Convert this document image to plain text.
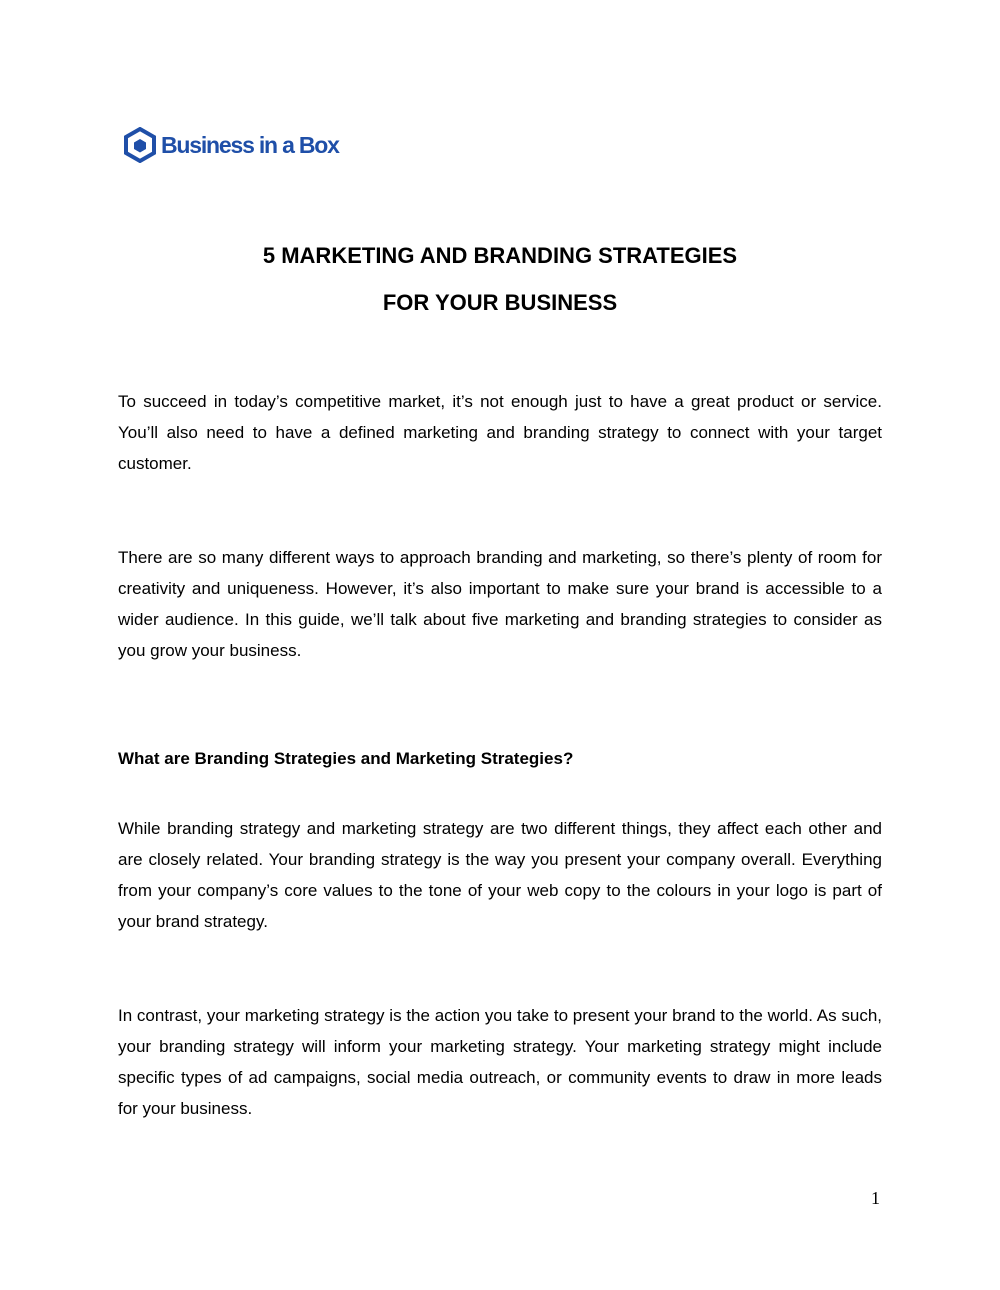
Business in a Box
5 MARKETING AND BRANDING STRATEGIES
FOR YOUR BUSINESS
To succeed in today’s competitive market, it’s not enough just to have a great product or service. You’ll also need to have a defined marketing and branding strategy to connect with your target customer.
There are so many different ways to approach branding and marketing, so there’s plenty of room for creativity and uniqueness. However, it’s also important to make sure your brand is accessible to a wider audience. In this guide, we’ll talk about five marketing and branding strategies to consider as you grow your business.
What are Branding Strategies and Marketing Strategies?
While branding strategy and marketing strategy are two different things, they affect each other and are closely related. Your branding strategy is the way you present your company overall. Everything from your company’s core values to the tone of your web copy to the colours in your logo is part of your brand strategy.
In contrast, your marketing strategy is the action you take to present your brand to the world. As such, your branding strategy will inform your marketing strategy. Your marketing strategy might include specific types of ad campaigns, social media outreach, or community events to draw in more leads for your business.
1
